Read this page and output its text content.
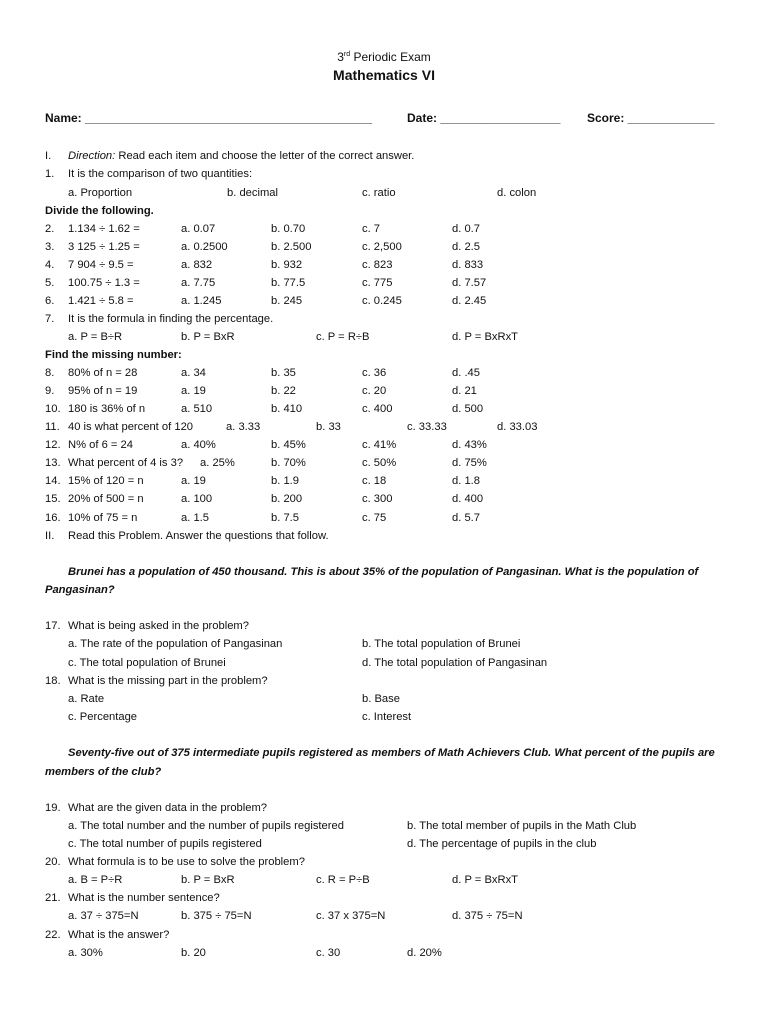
3rd Periodic Exam
Mathematics VI
Name: ___________________________________________	Date: __________________ Score: _____________
I. Direction: Read each item and choose the letter of the correct answer.
1. It is the comparison of two quantities:
a. Proportion	b. decimal	c. ratio	d. colon
Divide the following.
2. 1.134 ÷ 1.62 =	a. 0.07	b. 0.70	c. 7	d. 0.7
3. 3 125 ÷ 1.25 =	a. 0.2500	b. 2.500	c. 2,500	d. 2.5
4. 7 904 ÷ 9.5 =	a. 832	b. 932	c. 823	d. 833
5. 100.75 ÷ 1.3 =	a. 7.75	b. 77.5	c. 775	d. 7.57
6. 1.421 ÷ 5.8 =	a. 1.245	b. 245	c. 0.245	d. 2.45
7. It is the formula in finding the percentage.
a. P = B÷R	b. P = BxR	c. P = R÷B	d. P = BxRxT
Find the missing number:
8. 80% of n = 28	a. 34	b. 35	c. 36	d. .45
9. 95% of n = 19	a. 19	b. 22	c. 20	d. 21
10. 180 is 36% of n	a. 510	b. 410	c. 400	d. 500
11. 40 is what percent of 120	a. 3.33	b. 33	c. 33.33	d. 33.03
12. N% of 6 = 24	a. 40%	b. 45%	c. 41%	d. 43%
13. What percent of 4 is 3? a. 25%	b. 70%	c. 50%	d. 75%
14. 15% of 120 = n	a. 19	b. 1.9	c. 18	d. 1.8
15. 20% of 500 = n	a. 100	b. 200	c. 300	d. 400
16. 10% of 75 = n	a. 1.5	b. 7.5	c. 75	d. 5.7
II. Read this Problem. Answer the questions that follow.
Brunei has a population of 450 thousand. This is about 35% of the population of Pangasinan. What is the population of
Pangasinan?
17. What is being asked in the problem?
a. The rate of the population of Pangasinan	b. The total population of Brunei
c. The total population of Brunei	d. The total population of Pangasinan
18. What is the missing part in the problem?
a. Rate	b. Base
c. Percentage	c. Interest
Seventy-five out of 375 intermediate pupils registered as members of Math Achievers Club. What percent of the pupils are
members of the club?
19. What are the given data in the problem?
a. The total number and the number of pupils registered	b. The total member of pupils in the Math Club
c. The total number of pupils registered	d. The percentage of pupils in the club
20. What formula is to be use to solve the problem?
a. B = P÷R	b. P = BxR	c. R = P÷B	d. P = BxRxT
21. What is the number sentence?
a. 37 ÷ 375=N	b. 375 ÷ 75=N	c. 37 x 375=N	d. 375 ÷ 75=N
22. What is the answer?
a. 30%	b. 20	c. 30	d. 20%
